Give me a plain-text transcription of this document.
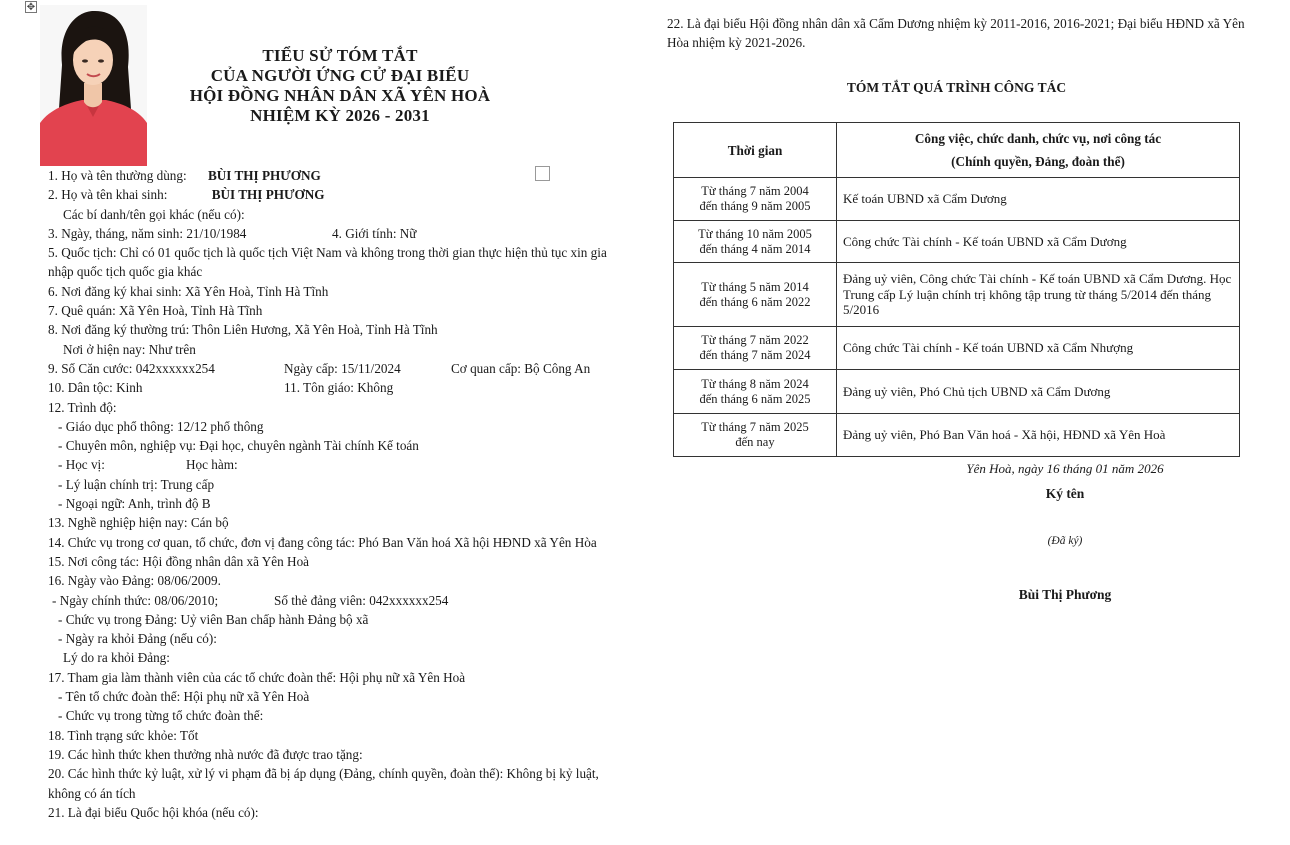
✥
TIỂU SỬ TÓM TẮT
CỦA NGƯỜI ỨNG CỬ ĐẠI BIỂU
HỘI ĐỒNG NHÂN DÂN XÃ YÊN HOÀ
NHIỆM KỲ 2026 - 2031
1. Họ và tên thường dùng: BÙI THỊ PHƯƠNG
2. Họ và tên khai sinh:	BÙI THỊ PHƯƠNG
Các bí danh/tên gọi khác (nếu có):
3. Ngày, tháng, năm sinh: 21/10/1984	4. Giới tính: Nữ
5. Quốc tịch: Chỉ có 01 quốc tịch là quốc tịch Việt Nam và không trong thời gian thực hiện thủ tục xin gia nhập quốc tịch quốc gia khác
6. Nơi đăng ký khai sinh: Xã Yên Hoà, Tỉnh Hà Tĩnh
7. Quê quán: Xã Yên Hoà, Tỉnh Hà Tĩnh
8. Nơi đăng ký thường trú: Thôn Liên Hương, Xã Yên Hoà, Tỉnh Hà Tĩnh
Nơi ở hiện nay: Như trên
9. Số Căn cước: 042xxxxxx254	Ngày cấp: 15/11/2024	Cơ quan cấp: Bộ Công An
10. Dân tộc: Kinh	11. Tôn giáo: Không
12. Trình độ:
- Giáo dục phổ thông: 12/12 phổ thông
- Chuyên môn, nghiệp vụ: Đại học, chuyên ngành Tài chính Kế toán
- Học vị:	Học hàm:
- Lý luận chính trị: Trung cấp
- Ngoại ngữ: Anh, trình độ B
13. Nghề nghiệp hiện nay: Cán bộ
14. Chức vụ trong cơ quan, tổ chức, đơn vị đang công tác: Phó Ban Văn hoá Xã hội HĐND xã Yên Hòa
15. Nơi công tác: Hội đồng nhân dân xã Yên Hoà
16. Ngày vào Đảng: 08/06/2009.
- Ngày chính thức: 08/06/2010;	Số thẻ đảng viên: 042xxxxxx254
- Chức vụ trong Đảng: Uỷ viên Ban chấp hành Đảng bộ xã
- Ngày ra khỏi Đảng (nếu có):
Lý do ra khỏi Đảng:
17. Tham gia làm thành viên của các tổ chức đoàn thể: Hội phụ nữ xã Yên Hoà
- Tên tổ chức đoàn thể: Hội phụ nữ xã Yên Hoà
- Chức vụ trong từng tổ chức đoàn thể:
18. Tình trạng sức khỏe: Tốt
19. Các hình thức khen thưởng nhà nước đã được trao tặng:
20. Các hình thức kỷ luật, xử lý vi phạm đã bị áp dụng (Đảng, chính quyền, đoàn thể): Không bị kỷ luật, không có án tích
21. Là đại biểu Quốc hội khóa (nếu có):
22. Là đại biểu Hội đồng nhân dân xã Cẩm Dương nhiệm kỳ 2011-2016, 2016-2021; Đại biểu HĐND xã Yên Hòa nhiệm kỳ 2021-2026.
TÓM TẮT QUÁ TRÌNH CÔNG TÁC
Thời gian	Công việc, chức danh, chức vụ, nơi công tác
(Chính quyền, Đảng, đoàn thể)

Từ tháng 7 năm 2004
đến tháng 9 năm 2005	Kế toán UBND xã Cẩm Dương

Từ tháng 10 năm 2005
đến tháng 4 năm 2014	Công chức Tài chính - Kế toán UBND xã Cẩm Dương

Từ tháng 5 năm 2014
đến tháng 6 năm 2022	Đảng uỷ viên, Công chức Tài chính - Kế toán UBND xã Cẩm Dương. Học Trung cấp Lý luận chính trị không tập trung từ tháng 5/2014 đến tháng 5/2016

Từ tháng 7 năm 2022
đến tháng 7 năm 2024	Công chức Tài chính - Kế toán UBND xã Cẩm Nhượng

Từ tháng 8 năm 2024
đến tháng 6 năm 2025	Đảng uỷ viên, Phó Chủ tịch UBND xã Cẩm Dương

Từ tháng 7 năm 2025
đến nay	Đảng uỷ viên, Phó Ban Văn hoá - Xã hội, HĐND xã Yên Hoà
Yên Hoà, ngày 16 tháng 01 năm 2026
Ký tên
(Đã ký)
Bùi Thị Phương
